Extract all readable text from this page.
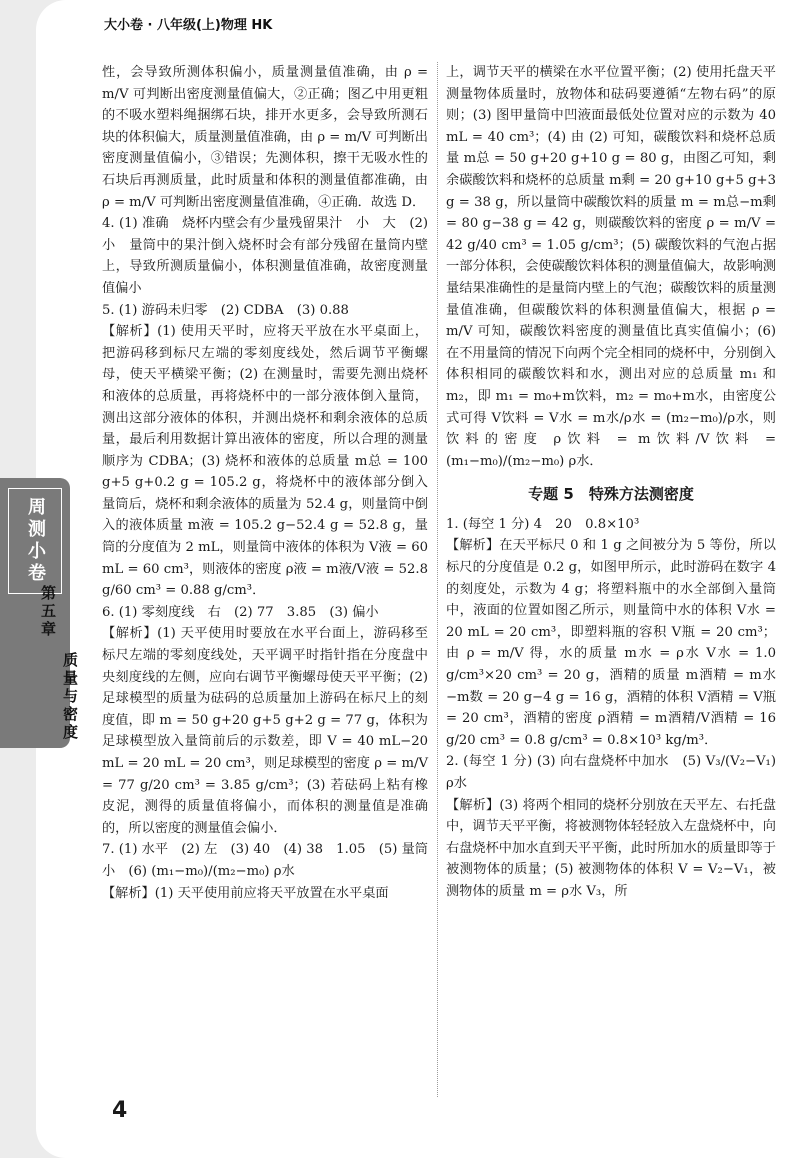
大小卷 · 八年级(上)物理 HK

性，会导致所测体积偏小，质量测量值准确，由 ρ = m/V 可判断出密度测量值偏大，②正确；图乙中用更粗的不吸水塑料绳捆绑石块，排开水更多，会导致所测石块的体积偏大，质量测量值准确，由 ρ = m/V 可判断出密度测量值偏小，③错误；先测体积，擦干无吸水性的石块后再测质量，此时质量和体积的测量值都准确，由 ρ = m/V 可判断出密度测量值准确，④正确．故选 D．

4. (1) 准确　烧杯内壁会有少量残留果汁　小　大　(2) 小　量筒中的果汁倒入烧杯时会有部分残留在量筒内壁上，导致所测质量偏小，体积测量值准确，故密度测量值偏小

5. (1) 游码未归零　(2) CDBA　(3) 0.88

【解析】(1) 使用天平时，应将天平放在水平桌面上，把游码移到标尺左端的零刻度线处，然后调节平衡螺母，使天平横梁平衡；(2) 在测量时，需要先测出烧杯和液体的总质量，再将烧杯中的一部分液体倒入量筒，测出这部分液体的体积，并测出烧杯和剩余液体的总质量，最后利用数据计算出液体的密度，所以合理的测量顺序为 CDBA；(3) 烧杯和液体的总质量 m总 = 100 g+5 g+0.2 g = 105.2 g，将烧杯中的液体部分倒入量筒后，烧杯和剩余液体的质量为 52.4 g，则量筒中倒入的液体质量 m液 = 105.2 g−52.4 g = 52.8 g，量筒的分度值为 2 mL，则量筒中液体的体积为 V液 = 60 mL = 60 cm³，则液体的密度 ρ液 = m液/V液 = 52.8 g/60 cm³ = 0.88 g/cm³．

6. (1) 零刻度线　右　(2) 77　3.85　(3) 偏小

【解析】(1) 天平使用时要放在水平台面上，游码移至标尺左端的零刻度线处，天平调平时指针指在分度盘中央刻度线的左侧，应向右调节平衡螺母使天平平衡；(2) 足球模型的质量为砝码的总质量加上游码在标尺上的刻度值，即 m = 50 g+20 g+5 g+2 g = 77 g，体积为足球模型放入量筒前后的示数差，即 V = 40 mL−20 mL = 20 mL = 20 cm³，则足球模型的密度 ρ = m/V = 77 g/20 cm³ = 3.85 g/cm³；(3) 若砝码上粘有橡皮泥，测得的质量值将偏小，而体积的测量值是准确的，所以密度的测量值会偏小．

7. (1) 水平　(2) 左　(3) 40　(4) 38　1.05　(5) 量筒　小　(6) (m₁−m₀)/(m₂−m₀) ρ水

【解析】(1) 天平使用前应将天平放置在水平桌面

上，调节天平的横梁在水平位置平衡；(2) 使用托盘天平测量物体质量时，放物体和砝码要遵循“左物右码”的原则；(3) 图甲量筒中凹液面最低处位置对应的示数为 40 mL = 40 cm³；(4) 由 (2) 可知，碳酸饮料和烧杯总质量 m总 = 50 g+20 g+10 g = 80 g，由图乙可知，剩余碳酸饮料和烧杯的总质量 m剩 = 20 g+10 g+5 g+3 g = 38 g，所以量筒中碳酸饮料的质量 m = m总−m剩 = 80 g−38 g = 42 g，则碳酸饮料的密度 ρ = m/V = 42 g/40 cm³ = 1.05 g/cm³；(5) 碳酸饮料的气泡占据一部分体积，会使碳酸饮料体积的测量值偏大，故影响测量结果准确性的是量筒内壁上的气泡；碳酸饮料的质量测量值准确，但碳酸饮料的体积测量值偏大，根据 ρ = m/V 可知，碳酸饮料密度的测量值比真实值偏小；(6) 在不用量筒的情况下向两个完全相同的烧杯中，分别倒入体积相同的碳酸饮料和水，测出对应的总质量 m₁ 和 m₂，即 m₁ = m₀+m饮料，m₂ = m₀+m水，由密度公式可得 V饮料 = V水 = m水/ρ水 = (m₂−m₀)/ρ水，则饮料的密度 ρ饮料 = m饮料/V饮料 = (m₁−m₀)/(m₂−m₀) ρ水．

专题 5　特殊方法测密度

1. (每空 1 分) 4　20　0.8×10³

【解析】在天平标尺 0 和 1 g 之间被分为 5 等份，所以标尺的分度值是 0.2 g，如图甲所示，此时游码在数字 4 的刻度处，示数为 4 g；将塑料瓶中的水全部倒入量筒中，液面的位置如图乙所示，则量筒中水的体积 V水 = 20 mL = 20 cm³，即塑料瓶的容积 V瓶 = 20 cm³；由 ρ = m/V 得，水的质量 m水 = ρ水 V水 = 1.0 g/cm³×20 cm³ = 20 g，酒精的质量 m酒精 = m水−m数 = 20 g−4 g = 16 g，酒精的体积 V酒精 = V瓶 = 20 cm³，酒精的密度 ρ酒精 = m酒精/V酒精 = 16 g/20 cm³ = 0.8 g/cm³ = 0.8×10³ kg/m³．

2. (每空 1 分) (3) 向右盘烧杯中加水　(5) V₃/(V₂−V₁) ρ水

【解析】(3) 将两个相同的烧杯分别放在天平左、右托盘中，调节天平平衡，将被测物体轻轻放入左盘烧杯中，向右盘烧杯中加水直到天平平衡，此时所加水的质量即等于被测物体的质量；(5) 被测物体的体积 V = V₂−V₁，被测物体的质量 m = ρ水 V₃，所

4
周测小卷
第五章
质量与密度
